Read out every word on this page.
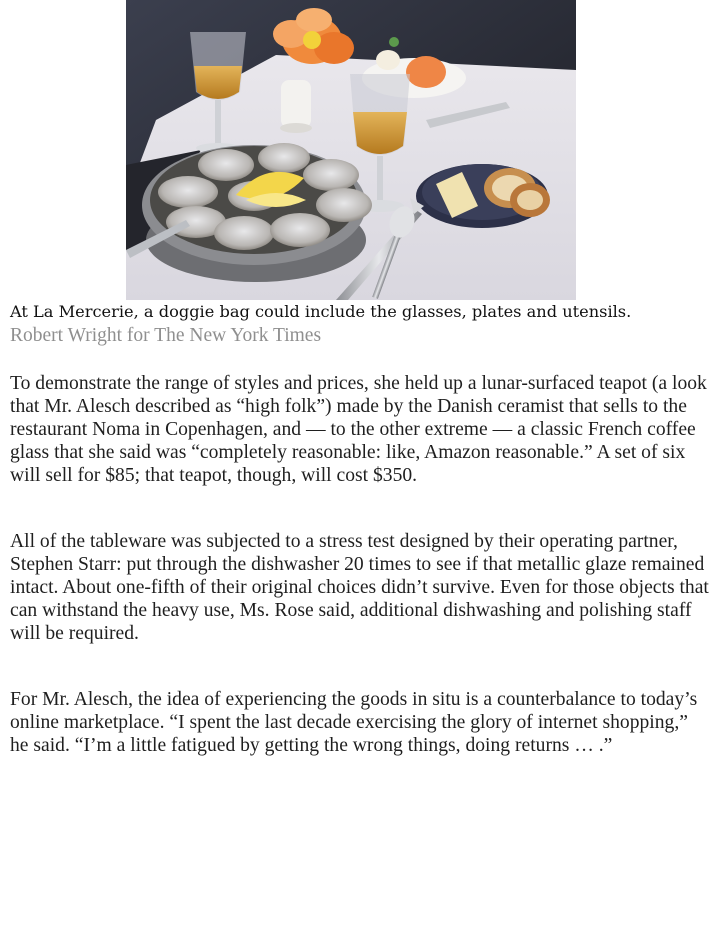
At La Mercerie, a doggie bag could include the glasses, plates and utensils.
Robert Wright for The New York Times

To demonstrate the range of styles and prices, she held up a lunar-surfaced teapot (a look that Mr. Alesch described as “high folk”) made by the Danish ceramist that sells to the restaurant Noma in Copenhagen, and — to the other extreme — a classic French coffee glass that she said was “completely reasonable: like, Amazon reasonable.” A set of six will sell for $85; that teapot, though, will cost $350.

All of the tableware was subjected to a stress test designed by their operating partner, Stephen Starr: put through the dishwasher 20 times to see if that metallic glaze remained intact. About one-fifth of their original choices didn’t survive. Even for those objects that can withstand the heavy use, Ms. Rose said, additional dishwashing and polishing staff will be required.

For Mr. Alesch, the idea of experiencing the goods in situ is a counterbalance to today’s online marketplace. “I spent the last decade exercising the glory of internet shopping,” he said. “I’m a little fatigued by getting the wrong things, doing returns … .”
